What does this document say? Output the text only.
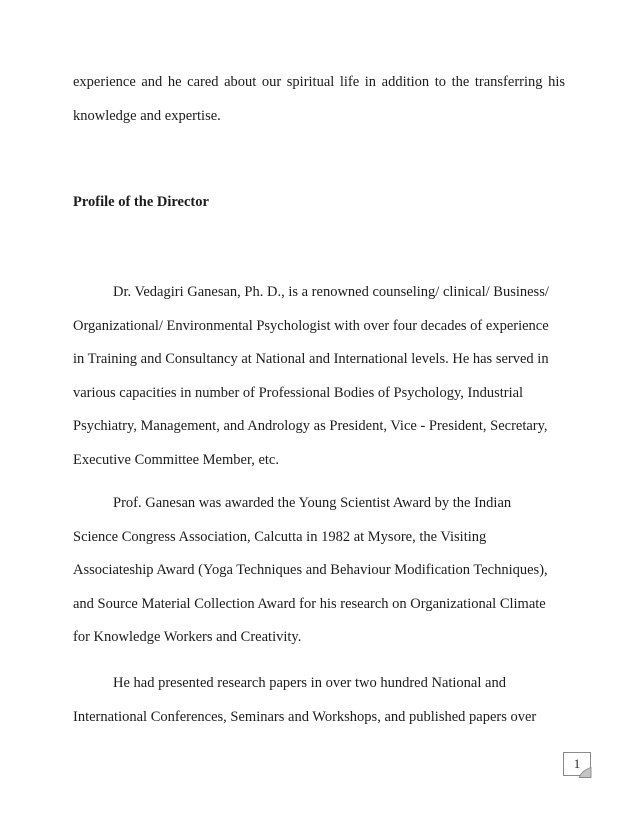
experience and he cared about our spiritual life in addition to the transferring his
knowledge and expertise.
Profile of the Director
Dr. Vedagiri Ganesan, Ph. D., is a renowned counseling/ clinical/ Business/
Organizational/ Environmental Psychologist with over four decades of experience
in Training and Consultancy at National and International levels. He has served in
various capacities in number of Professional Bodies of Psychology, Industrial
Psychiatry, Management, and Andrology as President, Vice - President, Secretary,
Executive Committee Member, etc.
Prof. Ganesan was awarded the Young Scientist Award by the Indian
Science Congress Association, Calcutta in 1982 at Mysore, the Visiting
Associateship Award (Yoga Techniques and Behaviour Modification Techniques),
and Source Material Collection Award for his research on Organizational Climate
for Knowledge Workers and Creativity.
He had presented research papers in over two hundred National and
International Conferences, Seminars and Workshops, and published papers over
1
